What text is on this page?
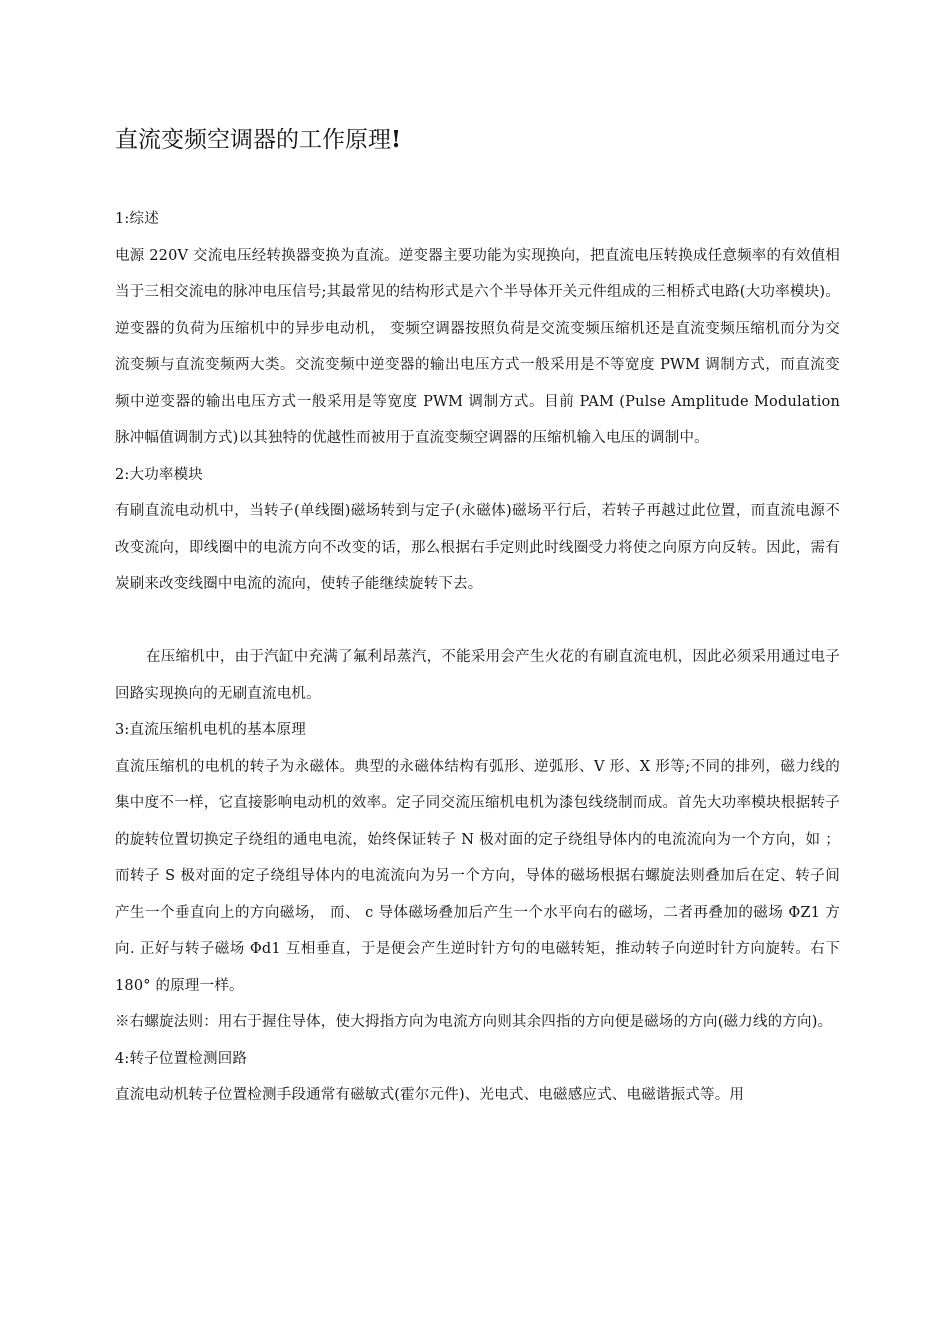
直流变频空调器的工作原理!

1:综述

电源 220V 交流电压经转换器变换为直流。逆变器主要功能为实现换向，把直流电压转换成任意频率的有效值相当于三相交流电的脉冲电压信号;其最常见的结构形式是六个半导体开关元件组成的三相桥式电路(大功率模块)。逆变器的负荷为压缩机中的异步电动机， 变频空调器按照负荷是交流变频压缩机还是直流变频压缩机而分为交流变频与直流变频两大类。交流变频中逆变器的输出电压方式一般采用是不等宽度 PWM 调制方式，而直流变频中逆变器的输出电压方式一般采用是等宽度 PWM 调制方式。目前 PAM (Pulse Amplitude Modulation 脉冲幅值调制方式)以其独特的优越性而被用于直流变频空调器的压缩机输入电压的调制中。

2:大功率模块

有刷直流电动机中，当转子(单线圈)磁场转到与定子(永磁体)磁场平行后，若转子再越过此位置，而直流电源不改变流向，即线圈中的电流方向不改变的话，那么根据右手定则此时线圈受力将使之向原方向反转。因此，需有炭刷来改变线圈中电流的流向，使转子能继续旋转下去。

在压缩机中，由于汽缸中充满了氟利昂蒸汽，不能采用会产生火花的有刷直流电机，因此必须采用通过电子回路实现换向的无刷直流电机。

3:直流压缩机电机的基本原理

直流压缩机的电机的转子为永磁体。典型的永磁体结构有弧形、逆弧形、V 形、X 形等;不同的排列，磁力线的集中度不一样，它直接影响电动机的效率。定子同交流压缩机电机为漆包线绕制而成。首先大功率模块根据转子的旋转位置切换定子绕组的通电电流，始终保证转子 N 极对面的定子绕组导体内的电流流向为一个方向，如 ；而转子 S 极对面的定子绕组导体内的电流流向为另一个方向，导体的磁场根据右螺旋法则叠加后在定、转子间产生一个垂直向上的方向磁场， 而、 c 导体磁场叠加后产生一个水平向右的磁场，二者再叠加的磁场 ΦZ1 方向. 正好与转子磁场 Φd1 互相垂直，于是便会产生逆时针方句的电磁转矩，推动转子向逆时针方向旋转。右下 180° 的原理一样。

※右螺旋法则：用右于握住导体，使大拇指方向为电流方向则其余四指的方向便是磁场的方向(磁力线的方向)。

4:转子位置检测回路

直流电动机转子位置检测手段通常有磁敏式(霍尔元件)、光电式、电磁感应式、电磁谐振式等。用
